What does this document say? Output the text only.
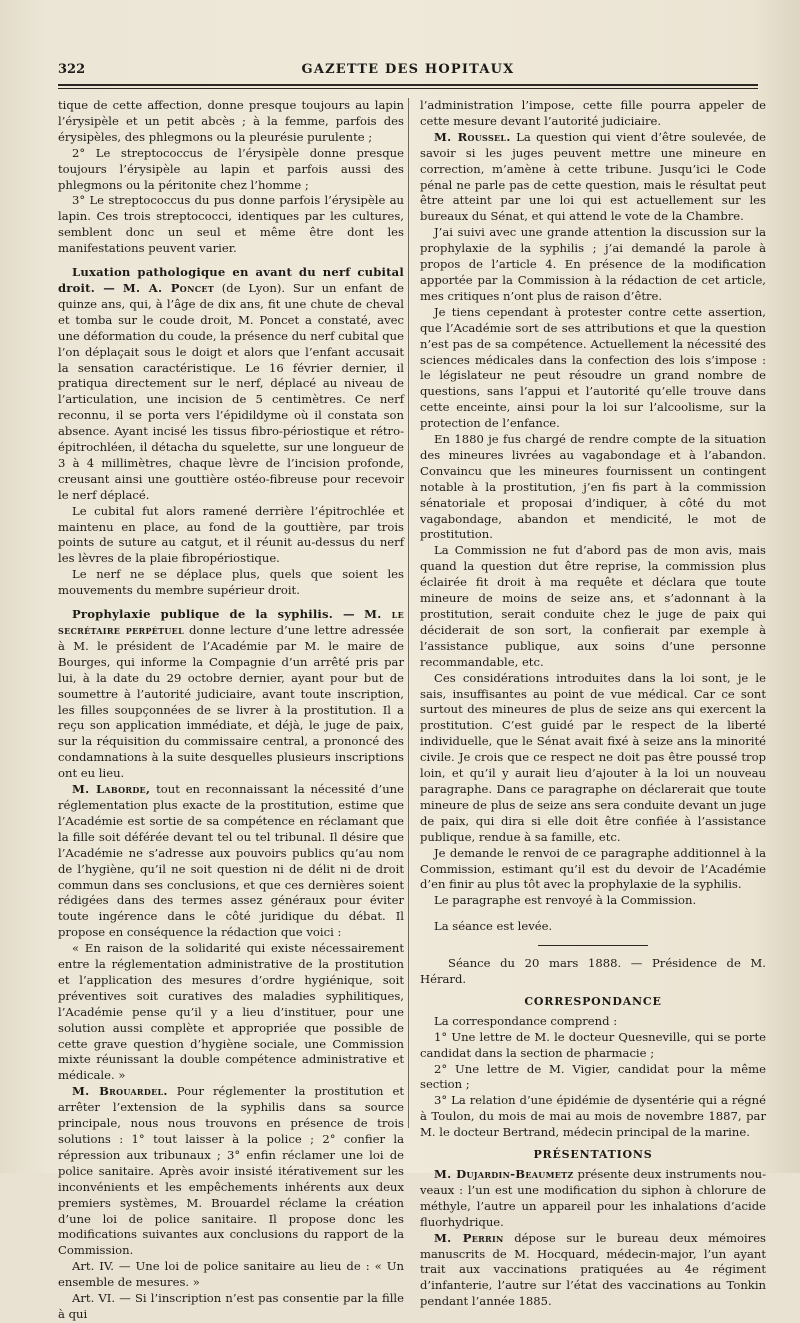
322	GAZETTE DES HOPITAUX

tique de cette affection, donne presque toujours au lapin l’érysipèle et un petit abcès ; à la femme, parfois des érysipèles, des phlegmons ou la pleurésie purulente ;

2° Le streptococcus de l’érysipèle donne presque toujours l’érysipèle au lapin et parfois aussi des phlegmons ou la péritonite chez l’homme ;

3° Le streptococcus du pus donne parfois l’érysipèle au lapin. Ces trois streptococci, identiques par les cultures, semblent donc un seul et même être dont les manifestations peuvent varier.

Luxation pathologique en avant du nerf cubital droit. — M. A. Poncet (de Lyon). Sur un enfant de quinze ans, qui, à l’âge de dix ans, fit une chute de cheval et tomba sur le coude droit, M. Poncet a constaté, avec une déformation du coude, la présence du nerf cubital que l’on déplaçait sous le doigt et alors que l’enfant accusait la sensation caractéristique. Le 16 février dernier, il pratiqua directement sur le nerf, déplacé au niveau de l’articulation, une incision de 5 centimètres. Ce nerf reconnu, il se porta vers l’épidildyme où il constata son absence. Ayant incisé les tissus fibro-périostique et rétro-épitrochléen, il détacha du squelette, sur une longueur de 3 à 4 millimètres, chaque lèvre de l’incision profonde, creusant ainsi une gouttière ostéo-fibreuse pour recevoir le nerf déplacé.

Le cubital fut alors ramené derrière l’épitrochlée et maintenu en place, au fond de la gouttière, par trois points de suture au catgut, et il réunit au-dessus du nerf les lèvres de la plaie fibropériostique.

Le nerf ne se déplace plus, quels que soient les mouvements du membre supérieur droit.

Prophylaxie publique de la syphilis. — M. le secrétaire perpétuel donne lecture d’une lettre adressée à M. le président de l’Académie par M. le maire de Bourges, qui informe la Compagnie d’un arrêté pris par lui, à la date du 29 octobre dernier, ayant pour but de soumettre à l’autorité judiciaire, avant toute inscription, les filles soupçonnées de se livrer à la prostitution. Il a reçu son application immédiate, et déjà, le juge de paix, sur la réquisition du commissaire central, a prononcé des condamnations à la suite desquelles plusieurs inscriptions ont eu lieu.

M. Laborde, tout en reconnaissant la nécessité d’une réglementation plus exacte de la prostitution, estime que l’Académie est sortie de sa compétence en réclamant que la fille soit déférée devant tel ou tel tribunal. Il désire que l’Académie ne s’adresse aux pouvoirs publics qu’au nom de l’hygiène, qu’il ne soit question ni de délit ni de droit commun dans ses conclusions, et que ces dernières soient rédigées dans des termes assez généraux pour éviter toute ingérence dans le côté juridique du débat. Il propose en conséquence la rédaction que voici :

« En raison de la solidarité qui existe nécessairement entre la réglementation administrative de la prostitution et l’application des mesures d’ordre hygiénique, soit préventives soit curatives des maladies syphilitiques, l’Académie pense qu’il y a lieu d’instituer, pour une solution aussi complète et appropriée que possible de cette grave question d’hygiène sociale, une Commission mixte réunissant la double compétence administrative et médicale. »

M. Brouardel. Pour réglementer la prostitution et arrêter l’extension de la syphilis dans sa source principale, nous nous trouvons en présence de trois solutions : 1° tout laisser à la police ; 2° confier la répression aux tribunaux ; 3° enfin réclamer une loi de police sanitaire. Après avoir insisté itérativement sur les inconvénients et les empêchements inhérents aux deux premiers systèmes, M. Brouardel réclame la création d’une loi de police sanitaire. Il propose donc les modifications suivantes aux conclusions du rapport de la Commission.

Art. IV. — Une loi de police sanitaire au lieu de : « Un ensemble de mesures. »

Art. VI. — Si l’inscription n’est pas consentie par la fille à qui

l’administration l’impose, cette fille pourra appeler de cette mesure devant l’autorité judiciaire.

M. Roussel. La question qui vient d’être soulevée, de savoir si les juges peuvent mettre une mineure en correction, m’amène à cette tribune. Jusqu’ici le Code pénal ne parle pas de cette question, mais le résultat peut être atteint par une loi qui est actuellement sur les bureaux du Sénat, et qui attend le vote de la Chambre.

J’ai suivi avec une grande attention la discussion sur la prophylaxie de la syphilis ; j’ai demandé la parole à propos de l’article 4. En présence de la modification apportée par la Commission à la rédaction de cet article, mes critiques n’ont plus de raison d’être.

Je tiens cependant à protester contre cette assertion, que l’Académie sort de ses attributions et que la question n’est pas de sa compétence. Actuellement la nécessité des sciences médicales dans la confection des lois s’impose : le législateur ne peut résoudre un grand nombre de questions, sans l’appui et l’autorité qu’elle trouve dans cette enceinte, ainsi pour la loi sur l’alcoolisme, sur la protection de l’enfance.

En 1880 je fus chargé de rendre compte de la situation des mineures livrées au vagabondage et à l’abandon. Convaincu que les mineures fournissent un contingent notable à la prostitution, j’en fis part à la commission sénatoriale et proposai d’indiquer, à côté du mot vagabondage, abandon et mendicité, le mot de prostitution.

La Commission ne fut d’abord pas de mon avis, mais quand la question dut être reprise, la commission plus éclairée fit droit à ma requête et déclara que toute mineure de moins de seize ans, et s’adonnant à la prostitution, serait conduite chez le juge de paix qui déciderait de son sort, la confierait par exemple à l’assistance publique, aux soins d’une personne recommandable, etc.

Ces considérations introduites dans la loi sont, je le sais, insuffisantes au point de vue médical. Car ce sont surtout des mineures de plus de seize ans qui exercent la prostitution. C’est guidé par le respect de la liberté individuelle, que le Sénat avait fixé à seize ans la minorité civile. Je crois que ce respect ne doit pas être poussé trop loin, et qu’il y aurait lieu d’ajouter à la loi un nouveau paragraphe. Dans ce paragraphe on déclarerait que toute mineure de plus de seize ans sera conduite devant un juge de paix, qui dira si elle doit être confiée à l’assistance publique, rendue à sa famille, etc.

Je demande le renvoi de ce paragraphe additionnel à la Commission, estimant qu’il est du devoir de l’Académie d’en finir au plus tôt avec la prophylaxie de la syphilis.

Le paragraphe est renvoyé à la Commission.

La séance est levée.

Séance du 20 mars 1888. — Présidence de M. Hérard.

CORRESPONDANCE

La correspondance comprend :

1° Une lettre de M. le docteur Quesneville, qui se porte candidat dans la section de pharmacie ;

2° Une lettre de M. Vigier, candidat pour la même section ;

3° La relation d’une épidémie de dysentérie qui a régné à Toulon, du mois de mai au mois de novembre 1887, par M. le docteur Bertrand, médecin principal de la marine.

PRÉSENTATIONS

M. Dujardin-Beaumetz présente deux instruments nouveaux : l’un est une modification du siphon à chlorure de méthyle, l’autre un appareil pour les inhalations d’acide fluorhydrique.

M. Perrin dépose sur le bureau deux mémoires manuscrits de M. Hocquard, médecin-major, l’un ayant trait aux vaccinations pratiquées au 4e régiment d’infanterie, l’autre sur l’état des vaccinations au Tonkin pendant l’année 1885.
